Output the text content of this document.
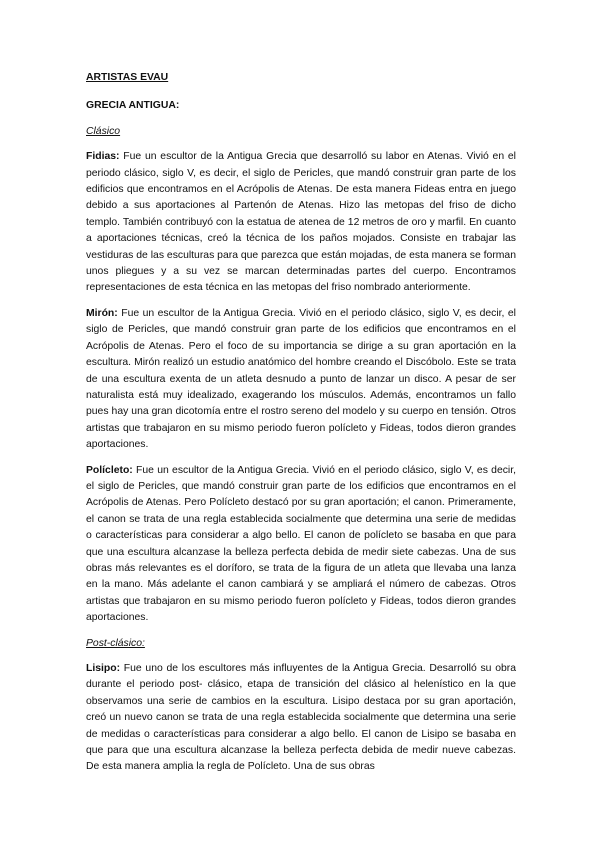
ARTISTAS EVAU
GRECIA ANTIGUA:
Clásico

Fidias: Fue un escultor de la Antigua Grecia que desarrolló su labor en Atenas. Vivió en el periodo clásico, siglo V, es decir, el siglo de Pericles, que mandó construir gran parte de los edificios que encontramos en el Acrópolis de Atenas. De esta manera Fideas entra en juego debido a sus aportaciones al Partenón de Atenas. Hizo las metopas del friso de dicho templo. También contribuyó con la estatua de atenea de 12 metros de oro y marfil. En cuanto a aportaciones técnicas, creó la técnica de los paños mojados. Consiste en trabajar las vestiduras de las esculturas para que parezca que están mojadas, de esta manera se forman unos pliegues y a su vez se marcan determinadas partes del cuerpo. Encontramos representaciones de esta técnica en las metopas del friso nombrado anteriormente.

Mirón: Fue un escultor de la Antigua Grecia. Vivió en el periodo clásico, siglo V, es decir, el siglo de Pericles, que mandó construir gran parte de los edificios que encontramos en el Acrópolis de Atenas. Pero el foco de su importancia se dirige a su gran aportación en la escultura. Mirón realizó un estudio anatómico del hombre creando el Discóbolo. Este se trata de una escultura exenta de un atleta desnudo a punto de lanzar un disco. A pesar de ser naturalista está muy idealizado, exagerando los músculos. Además, encontramos un fallo pues hay una gran dicotomía entre el rostro sereno del modelo y su cuerpo en tensión. Otros artistas que trabajaron en su mismo periodo fueron polícleto y Fideas, todos dieron grandes aportaciones.

Polícleto: Fue un escultor de la Antigua Grecia. Vivió en el periodo clásico, siglo V, es decir, el siglo de Pericles, que mandó construir gran parte de los edificios que encontramos en el Acrópolis de Atenas. Pero Polícleto destacó por su gran aportación; el canon. Primeramente, el canon se trata de una regla establecida socialmente que determina una serie de medidas o características para considerar a algo bello. El canon de polícleto se basaba en que para que una escultura alcanzase la belleza perfecta debida de medir siete cabezas. Una de sus obras más relevantes es el doríforo, se trata de la figura de un atleta que llevaba una lanza en la mano. Más adelante el canon cambiará y se ampliará el número de cabezas. Otros artistas que trabajaron en su mismo periodo fueron polícleto y Fideas, todos dieron grandes aportaciones.

Post-clásico:

Lisipo: Fue uno de los escultores más influyentes de la Antigua Grecia. Desarrolló su obra durante el periodo post- clásico, etapa de transición del clásico al helenístico en la que observamos una serie de cambios en la escultura. Lisipo destaca por su gran aportación, creó un nuevo canon se trata de una regla establecida socialmente que determina una serie de medidas o características para considerar a algo bello. El canon de Lisipo se basaba en que para que una escultura alcanzase la belleza perfecta debida de medir nueve cabezas. De esta manera amplia la regla de Polícleto. Una de sus obras
